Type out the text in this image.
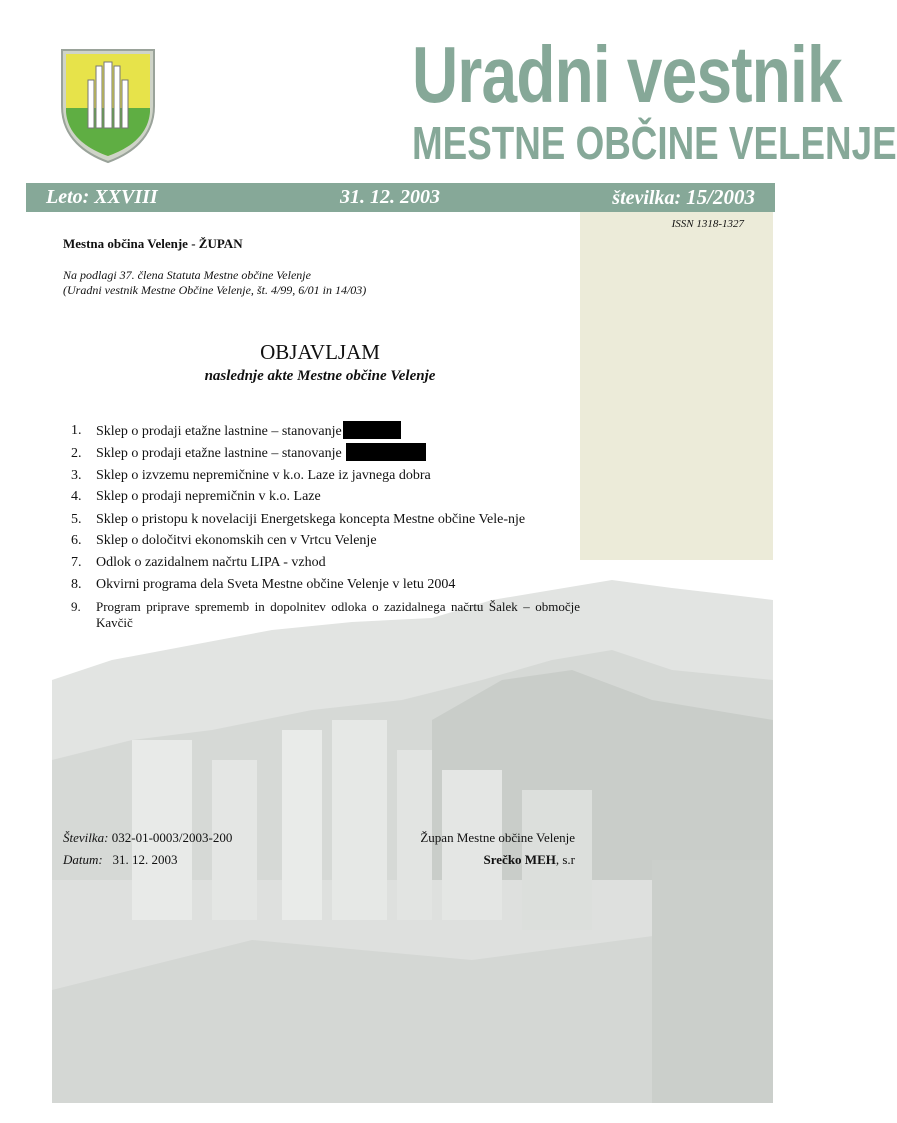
Uradni vestnik
MESTNE OBČINE VELENJE
Leto: XXVIII	31. 12. 2003	številka: 15/2003
ISSN 1318-1327
Mestna občina Velenje - ŽUPAN
Na podlagi 37. člena Statuta Mestne občine Velenje
(Uradni vestnik Mestne Občine Velenje, št. 4/99, 6/01 in 14/03)
OBJAVLJAM
naslednje akte Mestne občine Velenje
1.	Sklep o prodaji etažne lastnine – stanovanje
2.	Sklep o prodaji etažne lastnine – stanovanje
3.	Sklep o izvzemu nepremičnine v k.o. Laze iz javnega dobra
4.	Sklep o prodaji nepremičnin v k.o. Laze
5.	Sklep o pristopu k novelaciji Energetskega koncepta Mestne občine Vele-nje
6.	Sklep o določitvi ekonomskih cen v Vrtcu Velenje
7.	Odlok o zazidalnem načrtu LIPA - vzhod
8.	Okvirni programa dela Sveta Mestne občine Velenje v letu 2004
9.	Program priprave sprememb in dopolnitev odloka o zazidalnega načrtu Šalek – območje Kavčič
Številka: 032-01-0003/2003-200
Datum: 31. 12. 2003
Župan Mestne občine Velenje
Srečko MEH, s.r
